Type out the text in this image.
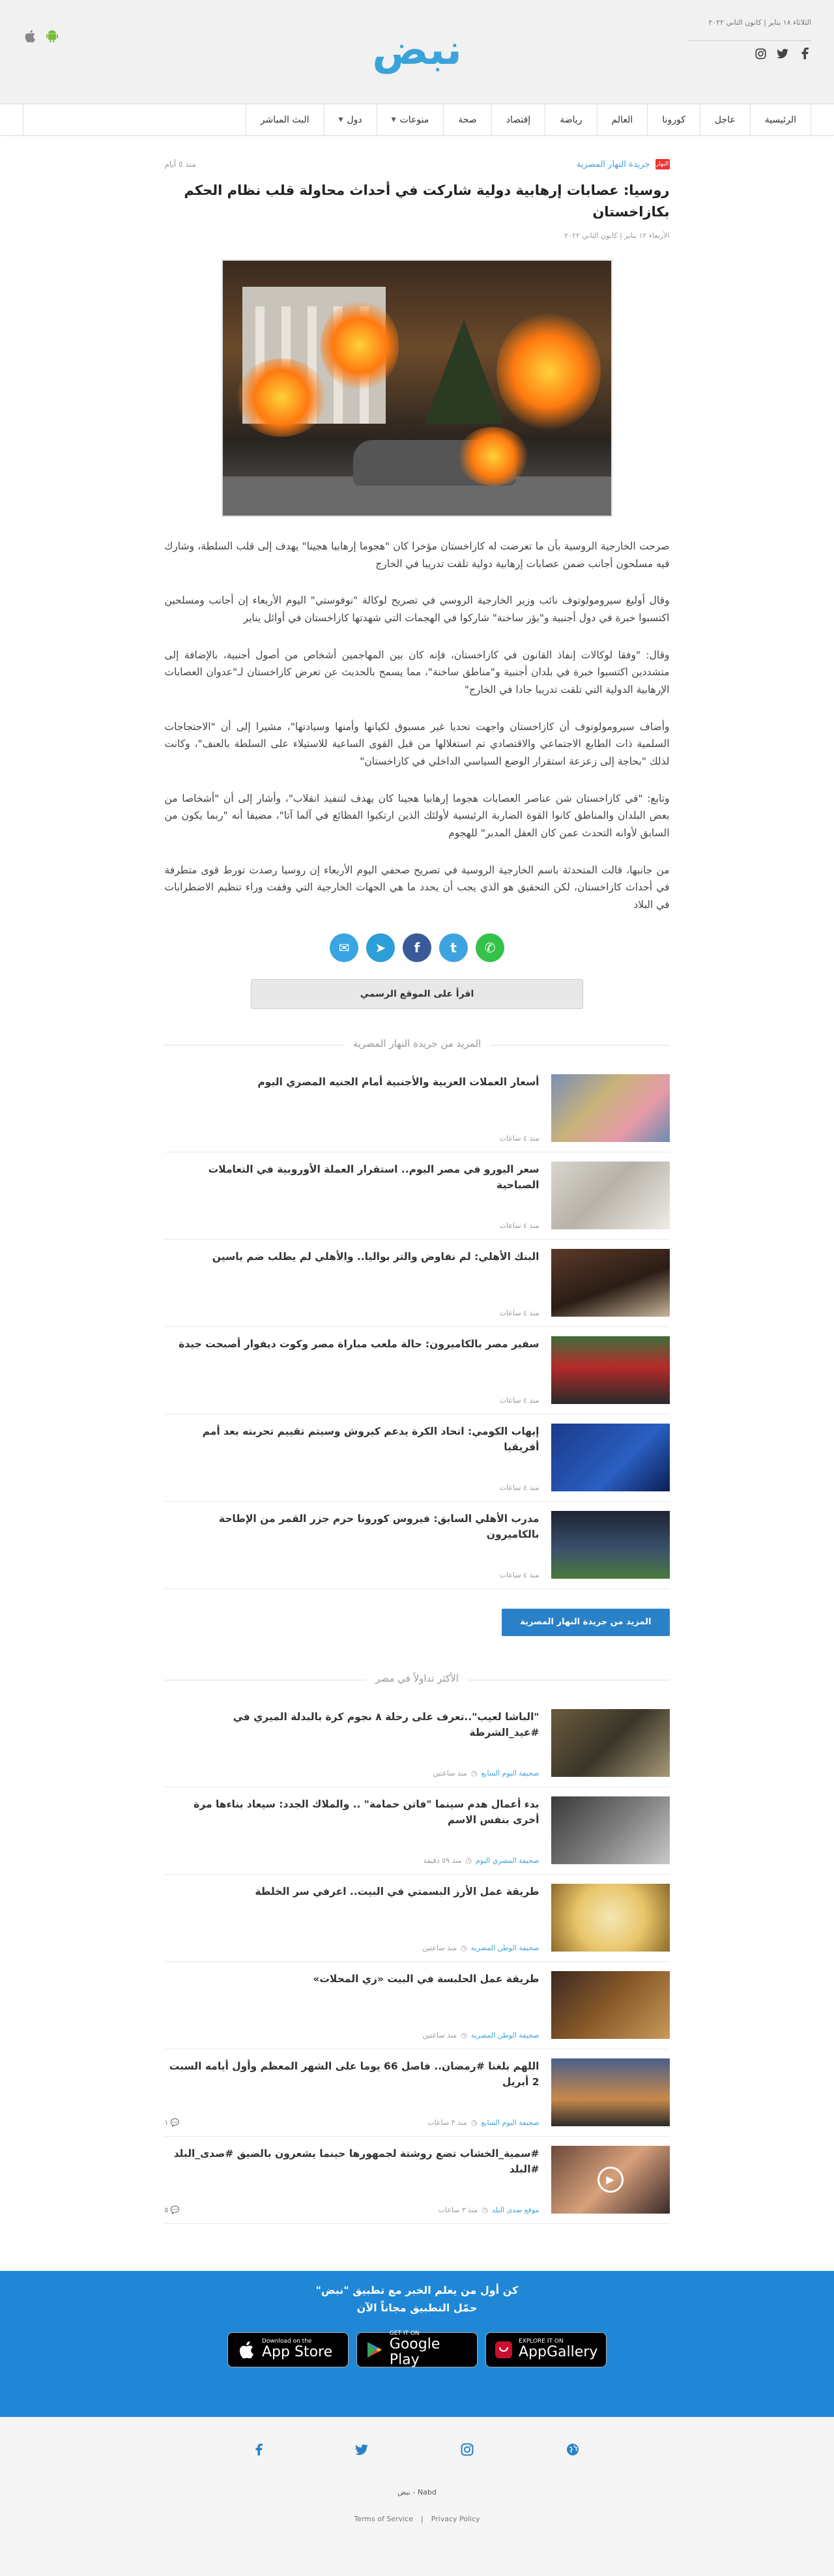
الثلاثاء ١٨ يناير | كانون الثاني ٢٠٢٢
نبض
الرئيسية
عاجل
كورونا
العالم
رياضة
إقتصاد
صحة
منوعات
▼
دول
▼
البث المباشر
النهار
جريدة النهار المصرية
منذ ٥ أيام
روسيا: عصابات إرهابية دولية شاركت في أحداث محاولة قلب نظام الحكم بكازاخستان
الأربعاء ١٢ يناير | كانون الثاني ٢٠٢٢

صرحت الخارجية الروسية بأن ما تعرضت له كازاخستان مؤخرا كان "هجوما إرهابيا هجينا" يهدف إلى قلب السلطة، وشارك فيه مسلحون أجانب ضمن عصابات إرهابية دولية تلقت تدريبا في الخارج

وقال أوليغ سيرومولوتوف نائب وزير الخارجية الروسي في تصريح لوكالة "نوفوستي" اليوم الأربعاء إن أجانب ومسلحين اكتسبوا خبرة في دول أجنبية و"بؤر ساخنة" شاركوا في الهجمات التي شهدتها كازاخستان في أوائل يناير

وقال: "وفقا لوكالات إنفاذ القانون في كازاخستان، فإنه كان بين المهاجمين أشخاص من أصول أجنبية، بالإضافة إلى متشددين اكتسبوا خبرة في بلدان أجنبية و"مناطق ساخنة"، مما يسمح بالحديث عن تعرض كازاخستان لـ"عدوان العصابات الإرهابية الدولية التي تلقت تدريبا جادا في الخارج"

وأضاف سيرومولوتوف أن كازاخستان واجهت تحديا غير مسبوق لكيانها وأمنها وسيادتها"، مشيرا إلى أن "الاحتجاجات السلمية ذات الطابع الاجتماعي والاقتصادي تم استغلالها من قبل القوى الساعية للاستيلاء على السلطة بالعنف"، وكانت لذلك "بحاجة إلى زعزعة استقرار الوضع السياسي الداخلي في كازاخستان"

وتابع: "في كازاخستان شن عناصر العصابات هجوما إرهابيا هجينا كان يهدف لتنفيذ انقلاب"، وأشار إلى أن "أشخاصا من بعض البلدان والمناطق كانوا القوة الضاربة الرئيسية لأولئك الذين ارتكبوا الفظائع في آلما آتا"، مضيفا أنه "ربما يكون من السابق لأوانه التحدث عمن كان العقل المدبر" للهجوم

من جانبها، قالت المتحدثة باسم الخارجية الروسية في تصريح صحفي اليوم الأربعاء إن روسيا رصدت تورط قوى متطرفة في أحداث كازاخستان، لكن التحقيق هو الذي يجب أن يحدد ما هي الجهات الخارجية التي وقفت وراء تنظيم الاضطرابات في البلاد

✆
t
f
➤
✉
اقرأ على الموقع الرسمي
المزيد من جريدة النهار المصرية
أسعار العملات العربية والأجنبية أمام الجنيه المصري اليوم
منذ ٤ ساعات
سعر اليورو في مصر اليوم.. استقرار العملة الأوروبية في التعاملات الصباحية
منذ ٤ ساعات
البنك الأهلي: لم نفاوض والتر بواليا.. والأهلي لم يطلب ضم ياسين
منذ ٤ ساعات
سفير مصر بالكاميرون: حالة ملعب مباراة مصر وكوت ديفوار أصبحت جيدة
منذ ٤ ساعات
إيهاب الكومي: اتحاد الكرة يدعم كيروش وسيتم تقييم تجربته بعد أمم أفريقيا
منذ ٤ ساعات
مدرب الأهلي السابق: فيروس كورونا حرم جزر القمر من الإطاحة بالكاميرون
منذ ٤ ساعات
المزيد من جريدة النهار المصرية
الأكثر تداولاً في مصر
"الباشا لعيب"..تعرف على رحلة ٨ نجوم كرة بالبدلة الميري في #عيد_الشرطة
صحيفة اليوم السابع
◷
منذ ساعتين
بدء أعمال هدم سينما "فاتن حمامة" .. والملاك الجدد: سيعاد بناءها مرة أخرى بنفس الاسم
صحيفة المصري اليوم
◷
منذ ٥٩ دقيقة
طريقة عمل الأرز البسمتي في البيت.. اعرفي سر الخلطة
صحيفة الوطن المصرية
◷
منذ ساعتين
طريقة عمل الحلبسة في البيت «زي المحلات»
صحيفة الوطن المصرية
◷
منذ ساعتين
اللهم بلغنا #رمضان.. فاصل 66 يوما على الشهر المعظم وأول أيامه السبت 2 أبريل
صحيفة اليوم السابع
◷
منذ ٣ ساعات
💬 ١
▶
#سمية_الخشاب تضع روشتة لجمهورها حينما يشعرون بالضيق #صدى_البلد #البلد
موقع صدى البلد
◷
منذ ٣ ساعات
💬 ٥
كن أول من يعلم الخبر مع تطبيق "نبض"
حمّل التطبيق مجاناً الآن
Download on the
App Store
GET IT ON
Google Play
EXPLORE IT ON
AppGallery
Nabd - نبض
Terms of Service | Privacy Policy
